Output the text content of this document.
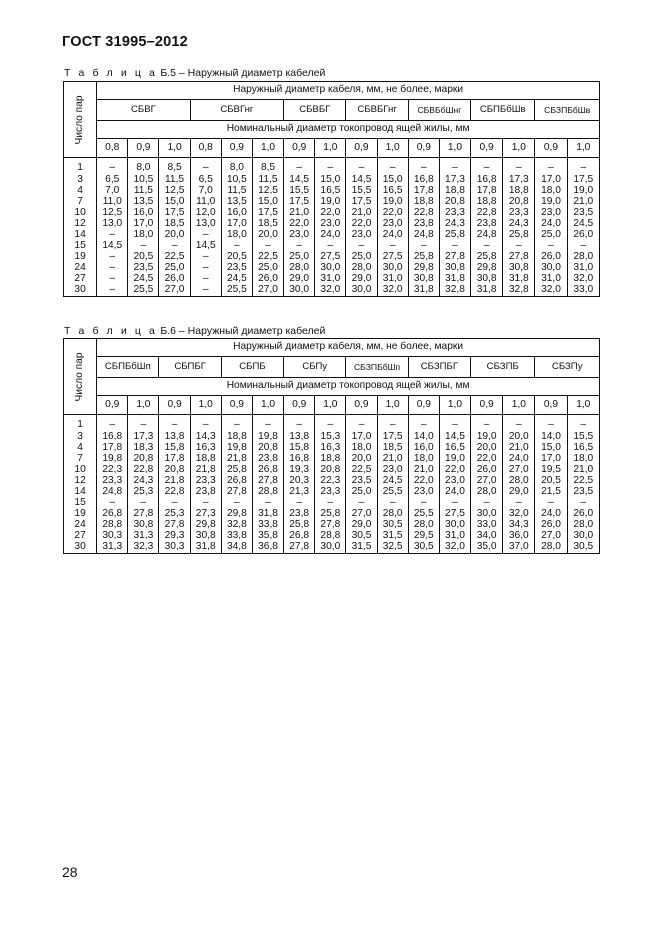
ГОСТ 31995–2012
Т а б л и ц а Б.5 – Наружный диаметр кабелей
Число пар	Наружный диаметр кабеля, мм, не более, марки															
	СБВГ			СБВГнг			СБВБГ		СБВБГнг		СБВБбШнг		СБПБбШв		СБЗПБбШв	
	Номинальный диаметр токопровод ящей жилы, мм															
	0,8	0,9	1,0	0,8	0,9	1,0	0,9	1,0	0,9	1,0	0,9	1,0	0,9	1,0	0,9	1,0

1	–	8,0	8,5	–	8,0	8,5	–	–	–	–	–	–	–	–	–	–
3	6,5	10,5	11,5	6,5	10,5	11,5	14,5	15,0	14,5	15,0	16,8	17,3	16,8	17,3	17,0	17,5
4	7,0	11,5	12,5	7,0	11,5	12,5	15,5	16,5	15,5	16,5	17,8	18,8	17,8	18,8	18,0	19,0
7	11,0	13,5	15,0	11,0	13,5	15,0	17,5	19,0	17,5	19,0	18,8	20,8	18,8	20,8	19,0	21,0
10	12,5	16,0	17,5	12,0	16,0	17,5	21,0	22,0	21,0	22,0	22,8	23,3	22,8	23,3	23,0	23,5
12	13,0	17,0	18,5	13,0	17,0	18,5	22,0	23,0	22,0	23,0	23,8	24,3	23,8	24,3	24,0	24,5
14	–	18,0	20,0	–	18,0	20,0	23,0	24,0	23,0	24,0	24,8	25,8	24,8	25,8	25,0	26,0
15	14,5	–	–	14,5	–	–	–	–	–	–	–	–	–	–	–	–
19	–	20,5	22,5	–	20,5	22,5	25,0	27,5	25,0	27,5	25,8	27,8	25,8	27,8	26,0	28,0
24	–	23,5	25,0	–	23,5	25,0	28,0	30,0	28,0	30,0	29,8	30,8	29,8	30,8	30,0	31,0
27	–	24,5	26,0	–	24,5	26,0	29,0	31,0	29,0	31,0	30,8	31,8	30,8	31,8	31,0	32,0
30	–	25,5	27,0	–	25,5	27,0	30,0	32,0	30,0	32,0	31,8	32,8	31,8	32,8	32,0	33,0
Т а б л и ц а Б.6 – Наружный диаметр кабелей
Число пар	Наружный диаметр кабеля, мм, не более, марки															
	СБПБбШп		СБПБГ		СБПБ		СБПу		СБЗПБбШп		СБЗПБГ		СБЗПБ		СБЗПу	
	Номинальный диаметр токопровод ящей жилы, мм															
	0,9	1,0	0,9	1,0	0,9	1,0	0,9	1,0	0,9	1,0	0,9	1,0	0,9	1,0	0,9	1,0

1	–	–	–	–	–	–	–	–	–	–	–	–	–	–	–	–
3	16,8	17,3	13,8	14,3	18,8	19,8	13,8	15,3	17,0	17,5	14,0	14,5	19,0	20,0	14,0	15,5
4	17,8	18,3	15,8	16,3	19,8	20,8	15,8	16,3	18,0	18,5	16,0	16,5	20,0	21,0	15,0	16,5
7	19,8	20,8	17,8	18,8	21,8	23,8	16,8	18,8	20,0	21,0	18,0	19,0	22,0	24,0	17,0	18,0
10	22,3	22,8	20,8	21,8	25,8	26,8	19,3	20,8	22,5	23,0	21,0	22,0	26,0	27,0	19,5	21,0
12	23,3	24,3	21,8	23,3	26,8	27,8	20,3	22,3	23,5	24,5	22,0	23,0	27,0	28,0	20,5	22,5
14	24,8	25,3	22,8	23,8	27,8	28,8	21,3	23,3	25,0	25,5	23,0	24,0	28,0	29,0	21,5	23,5
15	–	–	–	–	–	–	–	–	–	–	–	–	–	–	–	–
19	26,8	27,8	25,3	27,3	29,8	31,8	23,8	25,8	27,0	28,0	25,5	27,5	30,0	32,0	24,0	26,0
24	28,8	30,8	27,8	29,8	32,8	33,8	25,8	27,8	29,0	30,5	28,0	30,0	33,0	34,3	26,0	28,0
27	30,3	31,3	29,3	30,8	33,8	35,8	26,8	28,8	30,5	31,5	29,5	31,0	34,0	36,0	27,0	30,0
30	31,3	32,3	30,3	31,8	34,8	36,8	27,8	30,0	31,5	32,5	30,5	32,0	35,0	37,0	28,0	30,5
28
